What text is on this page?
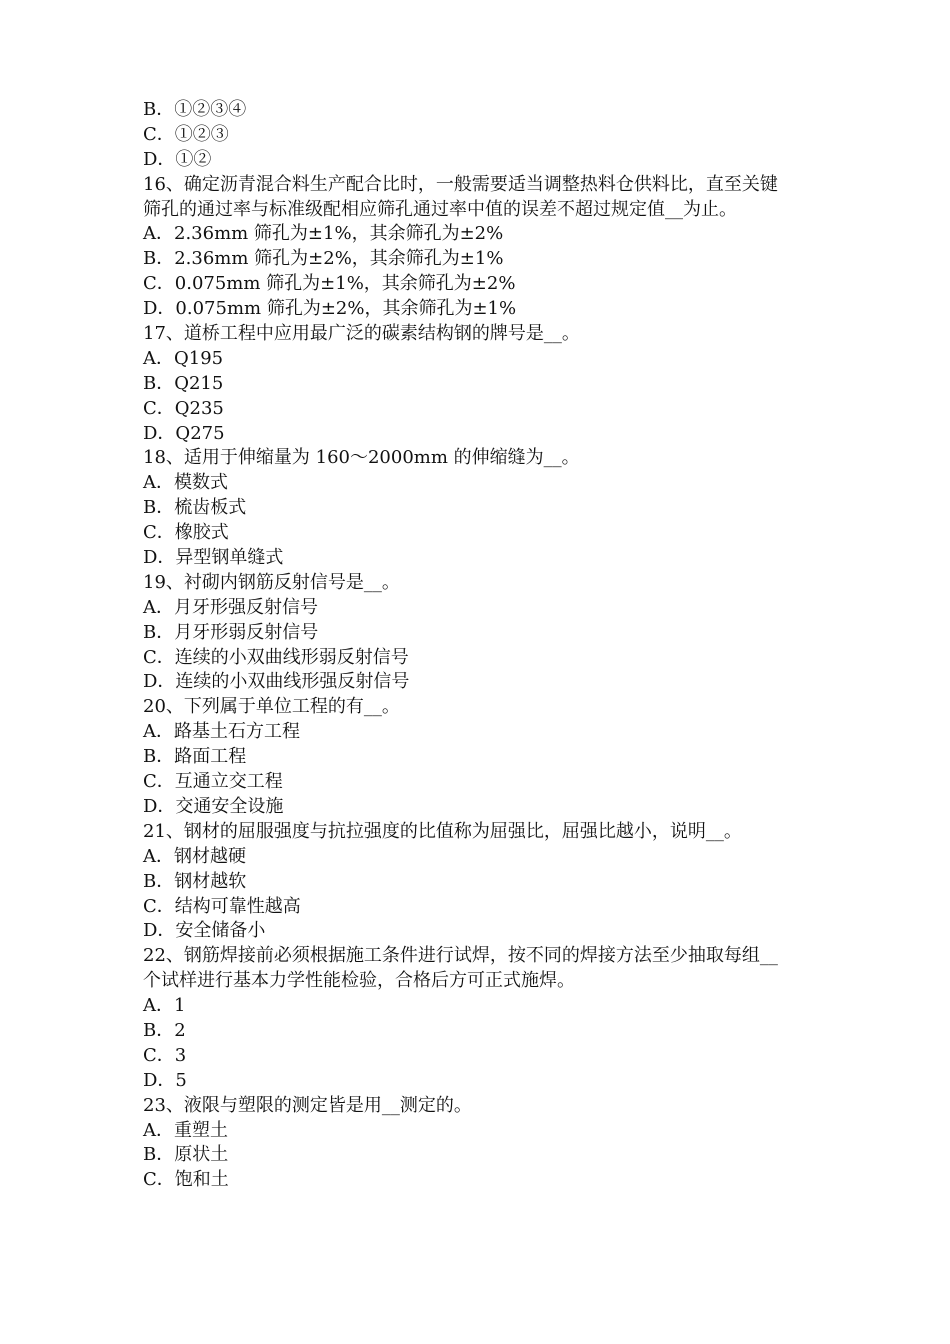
B．①②③④
C．①②③
D．①②
16、确定沥青混合料生产配合比时，一般需要适当调整热料仓供料比，直至关键
筛孔的通过率与标准级配相应筛孔通过率中值的误差不超过规定值__为止。
A．2.36mm 筛孔为±1%，其余筛孔为±2%
B．2.36mm 筛孔为±2%，其余筛孔为±1%
C．0.075mm 筛孔为±1%，其余筛孔为±2%
D．0.075mm 筛孔为±2%，其余筛孔为±1%
17、道桥工程中应用最广泛的碳素结构钢的牌号是__。
A．Q195
B．Q215
C．Q235
D．Q275
18、适用于伸缩量为 160～2000mm 的伸缩缝为__。
A．模数式
B．梳齿板式
C．橡胶式
D．异型钢单缝式
19、衬砌内钢筋反射信号是__。
A．月牙形强反射信号
B．月牙形弱反射信号
C．连续的小双曲线形弱反射信号
D．连续的小双曲线形强反射信号
20、下列属于单位工程的有__。
A．路基土石方工程
B．路面工程
C．互通立交工程
D．交通安全设施
21、钢材的屈服强度与抗拉强度的比值称为屈强比，屈强比越小，说明__。
A．钢材越硬
B．钢材越软
C．结构可靠性越高
D．安全储备小
22、钢筋焊接前必须根据施工条件进行试焊，按不同的焊接方法至少抽取每组__
个试样进行基本力学性能检验，合格后方可正式施焊。
A．1
B．2
C．3
D．5
23、液限与塑限的测定皆是用__测定的。
A．重塑土
B．原状土
C．饱和土
